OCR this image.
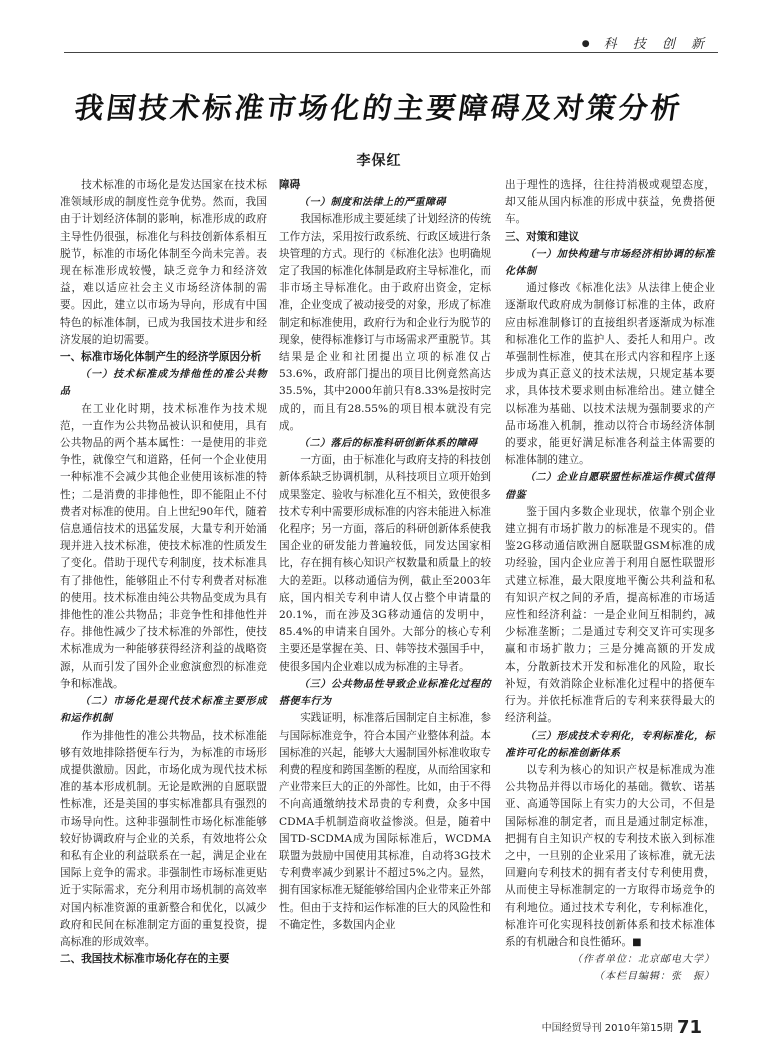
● 科 技 创 新
我国技术标准市场化的主要障碍及对策分析
李保红

技术标准的市场化是发达国家在技术标准领域形成的制度性竞争优势。然而，我国由于计划经济体制的影响，标准形成的政府主导性仍很强，标准化与科技创新体系相互脱节，标准的市场化体制至今尚未完善。表现在标准形成较慢，缺乏竞争力和经济效益，难以适应社会主义市场经济体制的需要。因此，建立以市场为导向，形成有中国特色的标准体制，已成为我国技术进步和经济发展的迫切需要。

一、标准市场化体制产生的经济学原因分析

（一）技术标准成为排他性的准公共物品

在工业化时期，技术标准作为技术规范，一直作为公共物品被认识和使用，具有公共物品的两个基本属性：一是使用的非竞争性，就像空气和道路，任何一个企业使用一种标准不会减少其他企业使用该标准的特性；二是消费的非排他性，即不能阻止不付费者对标准的使用。自上世纪90年代，随着信息通信技术的迅猛发展，大量专利开始涌现并进入技术标准，使技术标准的性质发生了变化。借助于现代专利制度，技术标准具有了排他性，能够阻止不付专利费者对标准的使用。技术标准由纯公共物品变成为具有排他性的准公共物品；非竞争性和排他性并存。排他性减少了技术标准的外部性，使技术标准成为一种能够获得经济利益的战略资源，从而引发了国外企业愈演愈烈的标准竞争和标准战。

（二）市场化是现代技术标准主要形成和运作机制

作为排他性的准公共物品，技术标准能够有效地排除搭便车行为，为标准的市场形成提供激励。因此，市场化成为现代技术标准的基本形成机制。无论是欧洲的自愿联盟性标准，还是美国的事实标准都具有强烈的市场导向性。这种非强制性市场化标准能够较好协调政府与企业的关系，有效地将公众和私有企业的利益联系在一起，满足企业在国际上竞争的需求。非强制性市场标准更贴近于实际需求，充分利用市场机制的高效率对国内标准资源的重新整合和优化，以减少政府和民间在标准制定方面的重复投资，提高标准的形成效率。

二、我国技术标准市场化存在的主要

障碍

（一）制度和法律上的严重障碍

我国标准形成主要延续了计划经济的传统工作方法，采用按行政系统、行政区域进行条块管理的方式。现行的《标准化法》也明确规定了我国的标准化体制是政府主导标准化，而非市场主导标准化。由于政府出资金，定标准，企业变成了被动接受的对象，形成了标准制定和标准使用，政府行为和企业行为脱节的现象，使得标准修订与市场需求严重脱节。其结果是企业和社团提出立项的标准仅占53.6%，政府部门提出的项目比例竟然高达35.5%，其中2000年前只有8.33%是按时完成的，而且有28.55%的项目根本就没有完成。

（二）落后的标准科研创新体系的障碍

一方面，由于标准化与政府支持的科技创新体系缺乏协调机制，从科技项目立项开始到成果鉴定、验收与标准化互不相关，致使很多技术专利中需要形成标准的内容未能进入标准化程序；另一方面，落后的科研创新体系使我国企业的研发能力普遍较低，同发达国家相比，存在拥有核心知识产权数量和质量上的较大的差距。以移动通信为例，截止至2003年底，国内相关专利申请人仅占整个申请量的20.1%，而在涉及3G移动通信的发明中，85.4%的申请来自国外。大部分的核心专利主要还是掌握在美、日、韩等技术强国手中，使很多国内企业难以成为标准的主导者。

（三）公共物品性导致企业标准化过程的搭便车行为

实践证明，标准落后国制定自主标准，参与国际标准竞争，符合本国产业整体利益。本国标准的兴起，能够大大遏制国外标准收取专利费的程度和跨国垄断的程度，从而给国家和产业带来巨大的正的外部性。比如，由于不得不向高通缴纳技术昂贵的专利费，众多中国CDMA手机制造商收益惨淡。但是，随着中国TD-SCDMA成为国际标准后，WCDMA联盟为鼓励中国使用其标准，自动将3G技术专利费率减少到累计不超过5%之内。显然，拥有国家标准无疑能够给国内企业带来正外部性。但由于支持和运作标准的巨大的风险性和不确定性，多数国内企业

出于理性的选择，往往持消极或观望态度，却又能从国内标准的形成中获益，免费搭便车。

三、对策和建议

（一）加快构建与市场经济相协调的标准化体制

通过修改《标准化法》从法律上使企业逐渐取代政府成为制修订标准的主体，政府应由标准制修订的直接组织者逐渐成为标准和标准化工作的监护人、委托人和用户。改革强制性标准，使其在形式内容和程序上逐步成为真正意义的技术法规，只规定基本要求，具体技术要求则由标准给出。建立健全以标准为基础、以技术法规为强制要求的产品市场准入机制，推动以符合市场经济体制的要求，能更好满足标准各利益主体需要的标准体制的建立。

（二）企业自愿联盟性标准运作模式值得借鉴

鉴于国内多数企业现状，依靠个别企业建立拥有市场扩散力的标准是不现实的。借鉴2G移动通信欧洲自愿联盟GSM标准的成功经验，国内企业应善于利用自愿性联盟形式建立标准，最大限度地平衡公共利益和私有知识产权之间的矛盾，提高标准的市场适应性和经济利益：一是企业间互相制约，减少标准垄断；二是通过专利交叉许可实现多赢和市场扩散力；三是分摊高额的开发成本，分散新技术开发和标准化的风险，取长补短，有效消除企业标准化过程中的搭便车行为。并依托标准背后的专利来获得最大的经济利益。

（三）形成技术专利化，专利标准化，标准许可化的标准创新体系

以专利为核心的知识产权是标准成为准公共物品并得以市场化的基础。微软、诺基亚、高通等国际上有实力的大公司，不但是国际标准的制定者，而且是通过制定标准，把拥有自主知识产权的专利技术嵌入到标准之中，一旦别的企业采用了该标准，就无法回避向专利技术的拥有者支付专利使用费，从而使主导标准制定的一方取得市场竞争的有利地位。通过技术专利化，专利标准化，标准许可化实现科技创新体系和技术标准体系的有机融合和良性循环。■

（作者单位：北京邮电大学）
（本栏目编辑：张　振）
中国经贸导刊 2010年第15期 71
